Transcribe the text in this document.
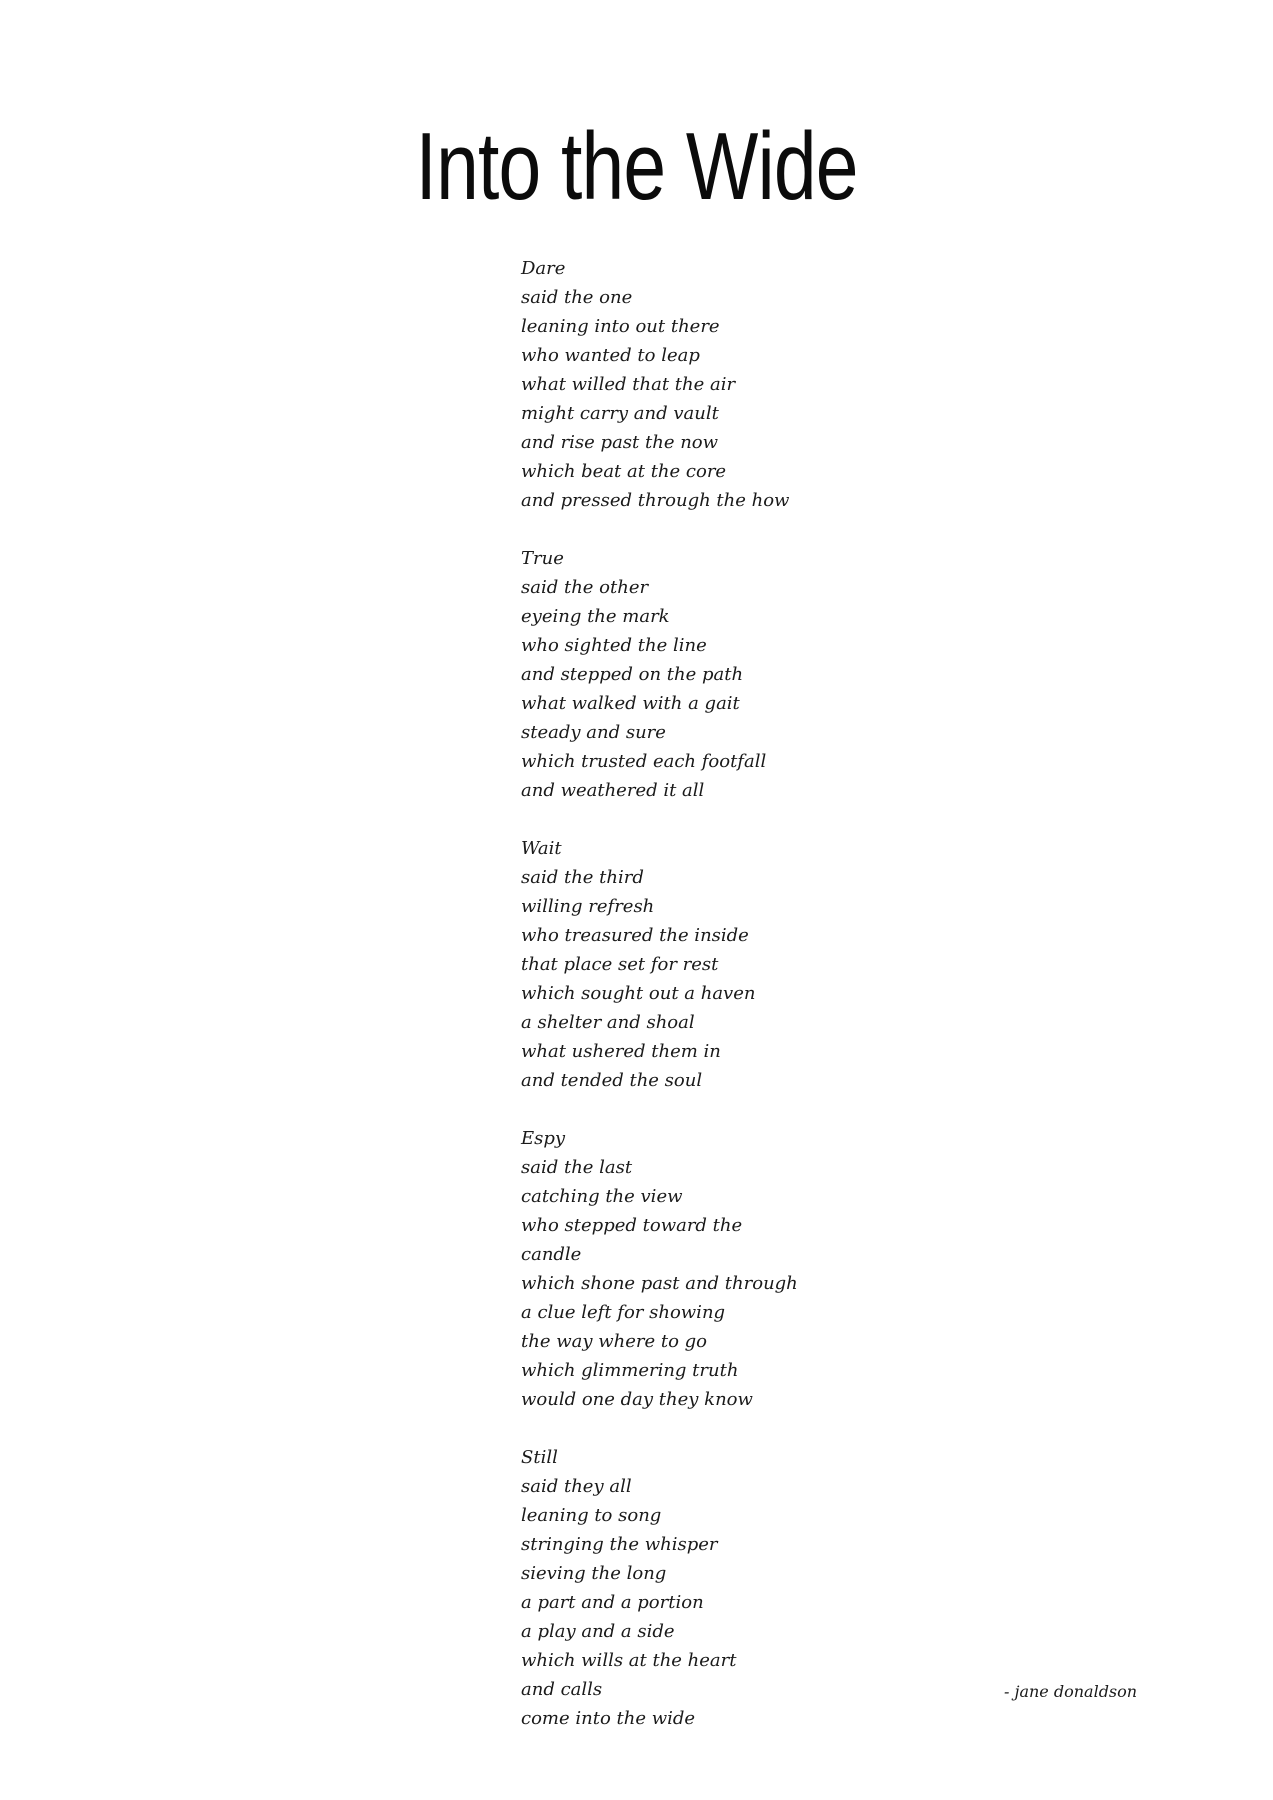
Into the Wide
Dare
said the one
leaning into out there
who wanted to leap
what willed that the air
might carry and vault
and rise past the now
which beat at the core
and pressed through the how
True
said the other
eyeing the mark
who sighted the line
and stepped on the path
what walked with a gait
steady and sure
which trusted each footfall
and weathered it all
Wait
said the third
willing refresh
who treasured the inside
that place set for rest
which sought out a haven
a shelter and shoal
what ushered them in
and tended the soul
Espy
said the last
catching the view
who stepped toward the
candle
which shone past and through
a clue left for showing
the way where to go
which glimmering truth
would one day they know
Still
said they all
leaning to song
stringing the whisper
sieving the long
a part and a portion
a play and a side
which wills at the heart
and calls
come into the wide
- jane donaldson
